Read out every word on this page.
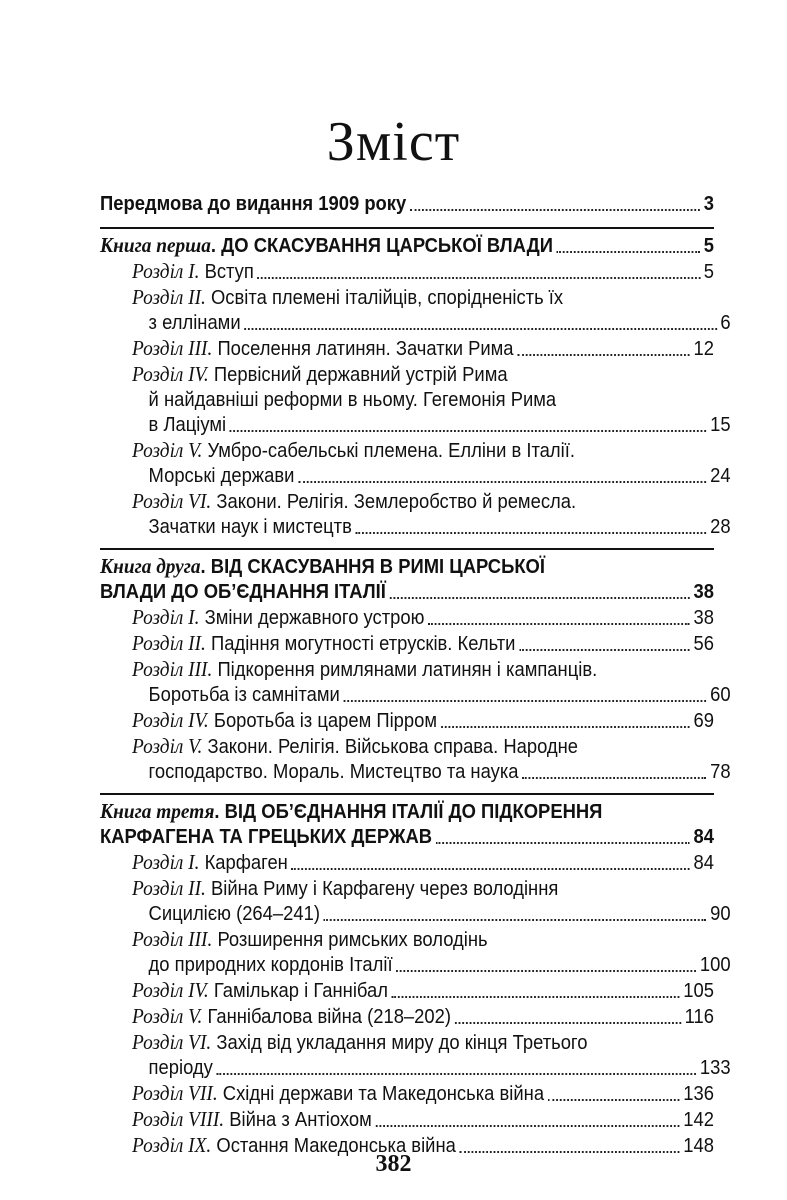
Зміст
Передмова до видання 1909 року	3
Книга перша. ДО СКАСУВАННЯ ЦАРСЬКОЇ ВЛАДИ	5
Розділ I. Вступ	5
Розділ II. Освіта племені італійців, спорідненість їх
з еллінами	6
Розділ III. Поселення латинян. Зачатки Рима	12
Розділ IV. Первісний державний устрій Рима
й найдавніші реформи в ньому. Гегемонія Рима
в Лаціумі	15
Розділ V. Умбро-сабельські племена. Елліни в Італії.
Морські держави	24
Розділ VI. Закони. Релігія. Землеробство й ремесла.
Зачатки наук і мистецтв	28
Книга друга. ВІД СКАСУВАННЯ В РИМІ ЦАРСЬКОЇ
ВЛАДИ ДО ОБ’ЄДНАННЯ ІТАЛІЇ	38
Розділ I. Зміни державного устрою	38
Розділ II. Падіння могутності етрусків. Кельти	56
Розділ III. Підкорення римлянами латинян і кампанців.
Боротьба із самнітами	60
Розділ IV. Боротьба із царем Пірром	69
Розділ V. Закони. Релігія. Військова справа. Народне
господарство. Мораль. Мистецтво та наука	78
Книга третя. ВІД ОБ’ЄДНАННЯ ІТАЛІЇ ДО ПІДКОРЕННЯ
КАРФАГЕНА ТА ГРЕЦЬКИХ ДЕРЖАВ	84
Розділ I. Карфаген	84
Розділ II. Війна Риму і Карфагену через володіння
Сицилією (264–241)	90
Розділ III. Розширення римських володінь
до природних кордонів Італії	100
Розділ IV. Гамількар і Ганнібал	105
Розділ V. Ганнібалова війна (218–202)	116
Розділ VI. Захід від укладання миру до кінця Третього
періоду	133
Розділ VII. Східні держави та Македонська війна	136
Розділ VIII. Війна з Антіохом	142
Розділ IX. Остання Македонська війна	148
382
